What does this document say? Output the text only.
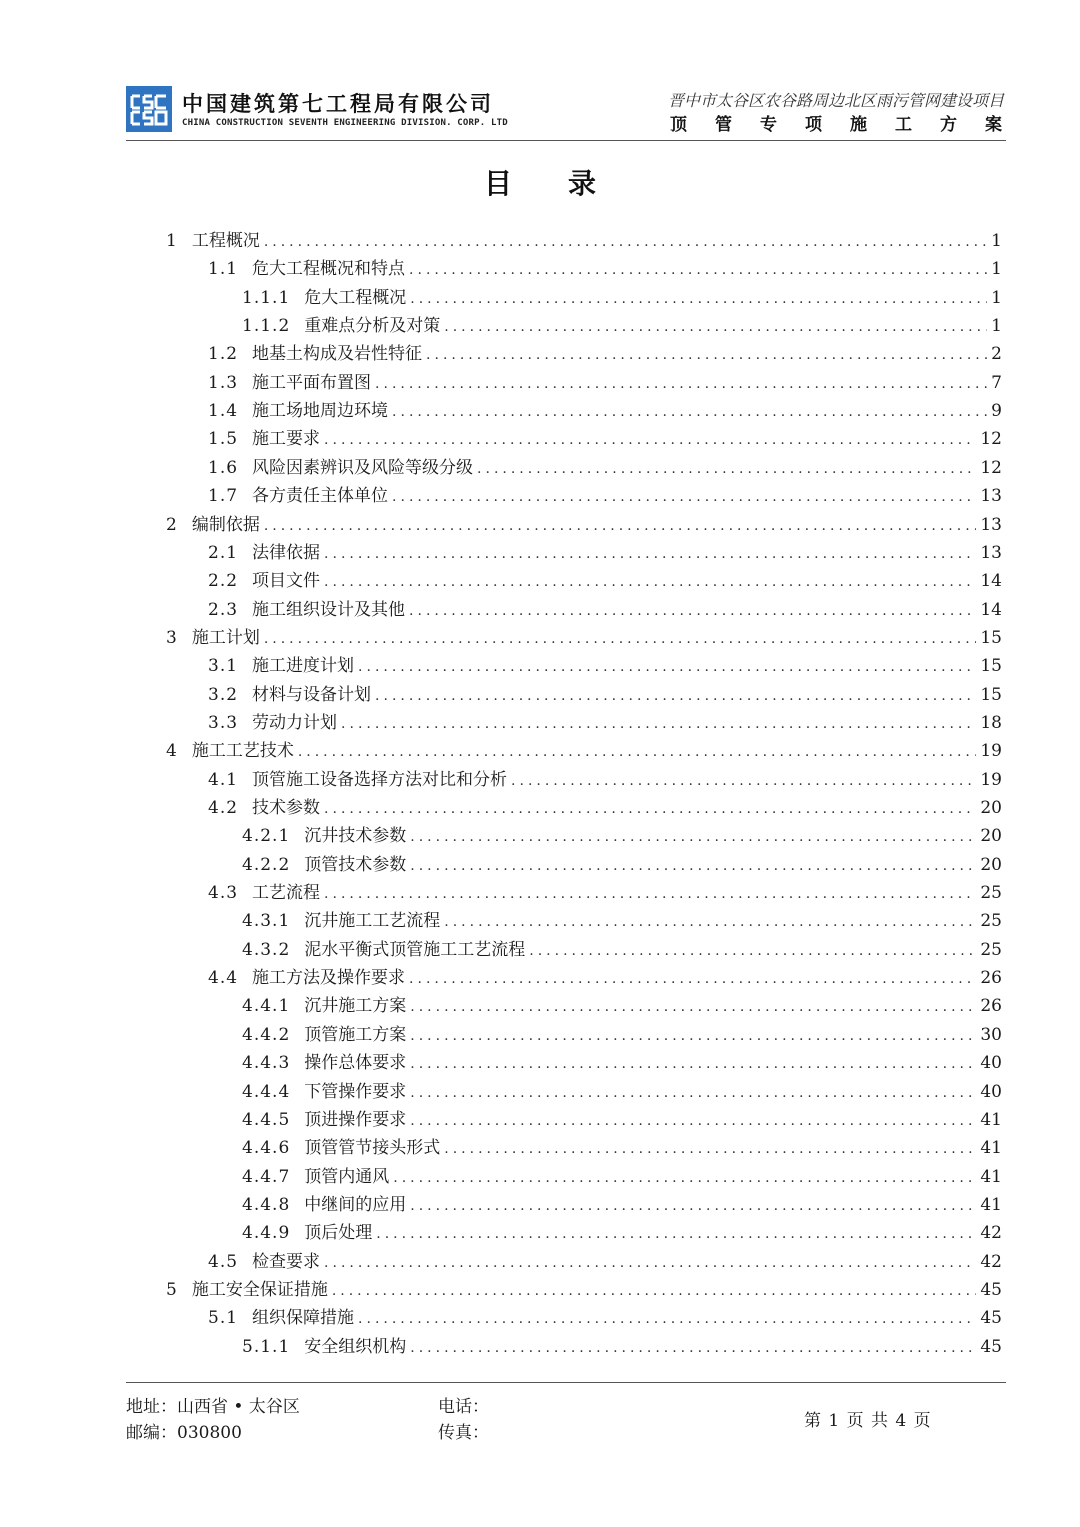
中国建筑第七工程局有限公司
CHINA CONSTRUCTION SEVENTH ENGINEERING DIVISION. CORP. LTD
晋中市太谷区农谷路周边北区雨污管网建设项目
顶管专项施工方案
目录
1 工程概况 .....	1
1.1 危大工程概况和特点 .....	1
1.1.1 危大工程概况 .....	1
1.1.2 重难点分析及对策 .....	1
1.2 地基土构成及岩性特征 .....	2
1.3 施工平面布置图 .....	7
1.4 施工场地周边环境 .....	9
1.5 施工要求 .....	12
1.6 风险因素辨识及风险等级分级 .....	12
1.7 各方责任主体单位 .....	13
2 编制依据 .....	13
2.1 法律依据 .....	13
2.2 项目文件 .....	14
2.3 施工组织设计及其他 .....	14
3 施工计划 .....	15
3.1 施工进度计划 .....	15
3.2 材料与设备计划 .....	15
3.3 劳动力计划 .....	18
4 施工工艺技术 .....	19
4.1 顶管施工设备选择方法对比和分析 .....	19
4.2 技术参数 .....	20
4.2.1 沉井技术参数 .....	20
4.2.2 顶管技术参数 .....	20
4.3 工艺流程 .....	25
4.3.1 沉井施工工艺流程 .....	25
4.3.2 泥水平衡式顶管施工工艺流程 .....	25
4.4 施工方法及操作要求 .....	26
4.4.1 沉井施工方案 .....	26
4.4.2 顶管施工方案 .....	30
4.4.3 操作总体要求 .....	40
4.4.4 下管操作要求 .....	40
4.4.5 顶进操作要求 .....	41
4.4.6 顶管管节接头形式 .....	41
4.4.7 顶管内通风 .....	41
4.4.8 中继间的应用 .....	41
4.4.9 顶后处理 .....	42
4.5 检查要求 .....	42
5 施工安全保证措施 .....	45
5.1 组织保障措施 .....	45
5.1.1 安全组织机构 .....	45
地址：山西省 • 太谷区
邮编：030800
电话：
传真：
第 1 页 共 4 页
